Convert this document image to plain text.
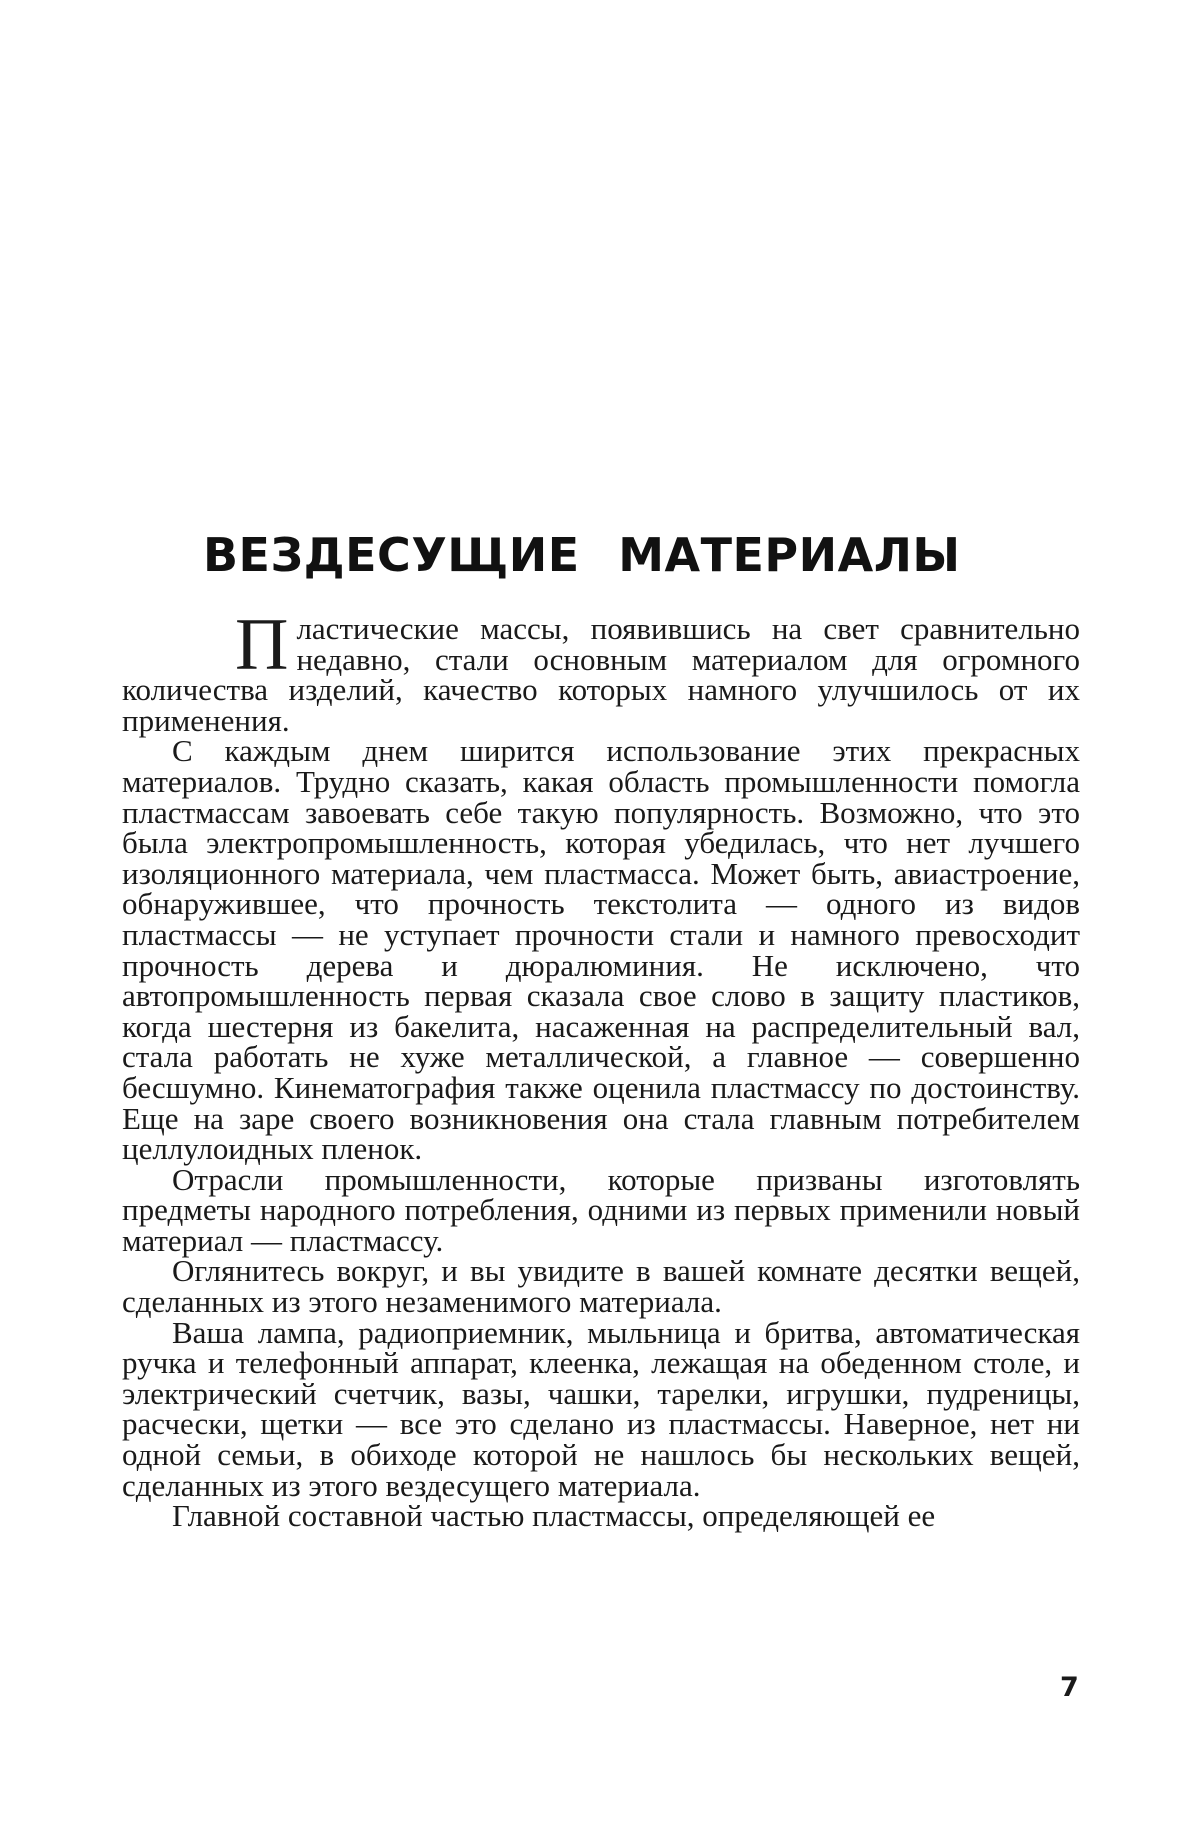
ВЕЗДЕСУЩИЕ МАТЕРИАЛЫ

Пластические массы, появившись на свет сравнительно недавно, стали основным материалом для огромного количества изделий, качество которых намного улучшилось от их применения.

С каждым днем ширится использование этих прекрасных материалов. Трудно сказать, какая область промышленности помогла пластмассам завоевать себе такую популярность. Возможно, что это была электропромышленность, которая убедилась, что нет лучшего изоляционного материала, чем пластмасса. Может быть, авиастроение, обнаружившее, что прочность текстолита — одного из видов пластмассы — не уступает прочности стали и намного превосходит прочность дерева и дюралюминия. Не исключено, что автопромышленность первая сказала свое слово в защиту пластиков, когда шестерня из бакелита, насаженная на распределительный вал, стала работать не хуже металлической, а главное — совершенно бесшумно. Кинематография также оценила пластмассу по достоинству. Еще на заре своего возникновения она стала главным потребителем целлулоидных пленок.

Отрасли промышленности, которые призваны изготовлять предметы народного потребления, одними из первых применили новый материал — пластмассу.

Оглянитесь вокруг, и вы увидите в вашей комнате десятки вещей, сделанных из этого незаменимого материала.

Ваша лампа, радиоприемник, мыльница и бритва, автоматическая ручка и телефонный аппарат, клеенка, лежащая на обеденном столе, и электрический счетчик, вазы, чашки, тарелки, игрушки, пудреницы, расчески, щетки — все это сделано из пластмассы. Наверное, нет ни одной семьи, в обиходе которой не нашлось бы нескольких вещей, сделанных из этого вездесущего материала.

Главной составной частью пластмассы, определяющей ее

7
